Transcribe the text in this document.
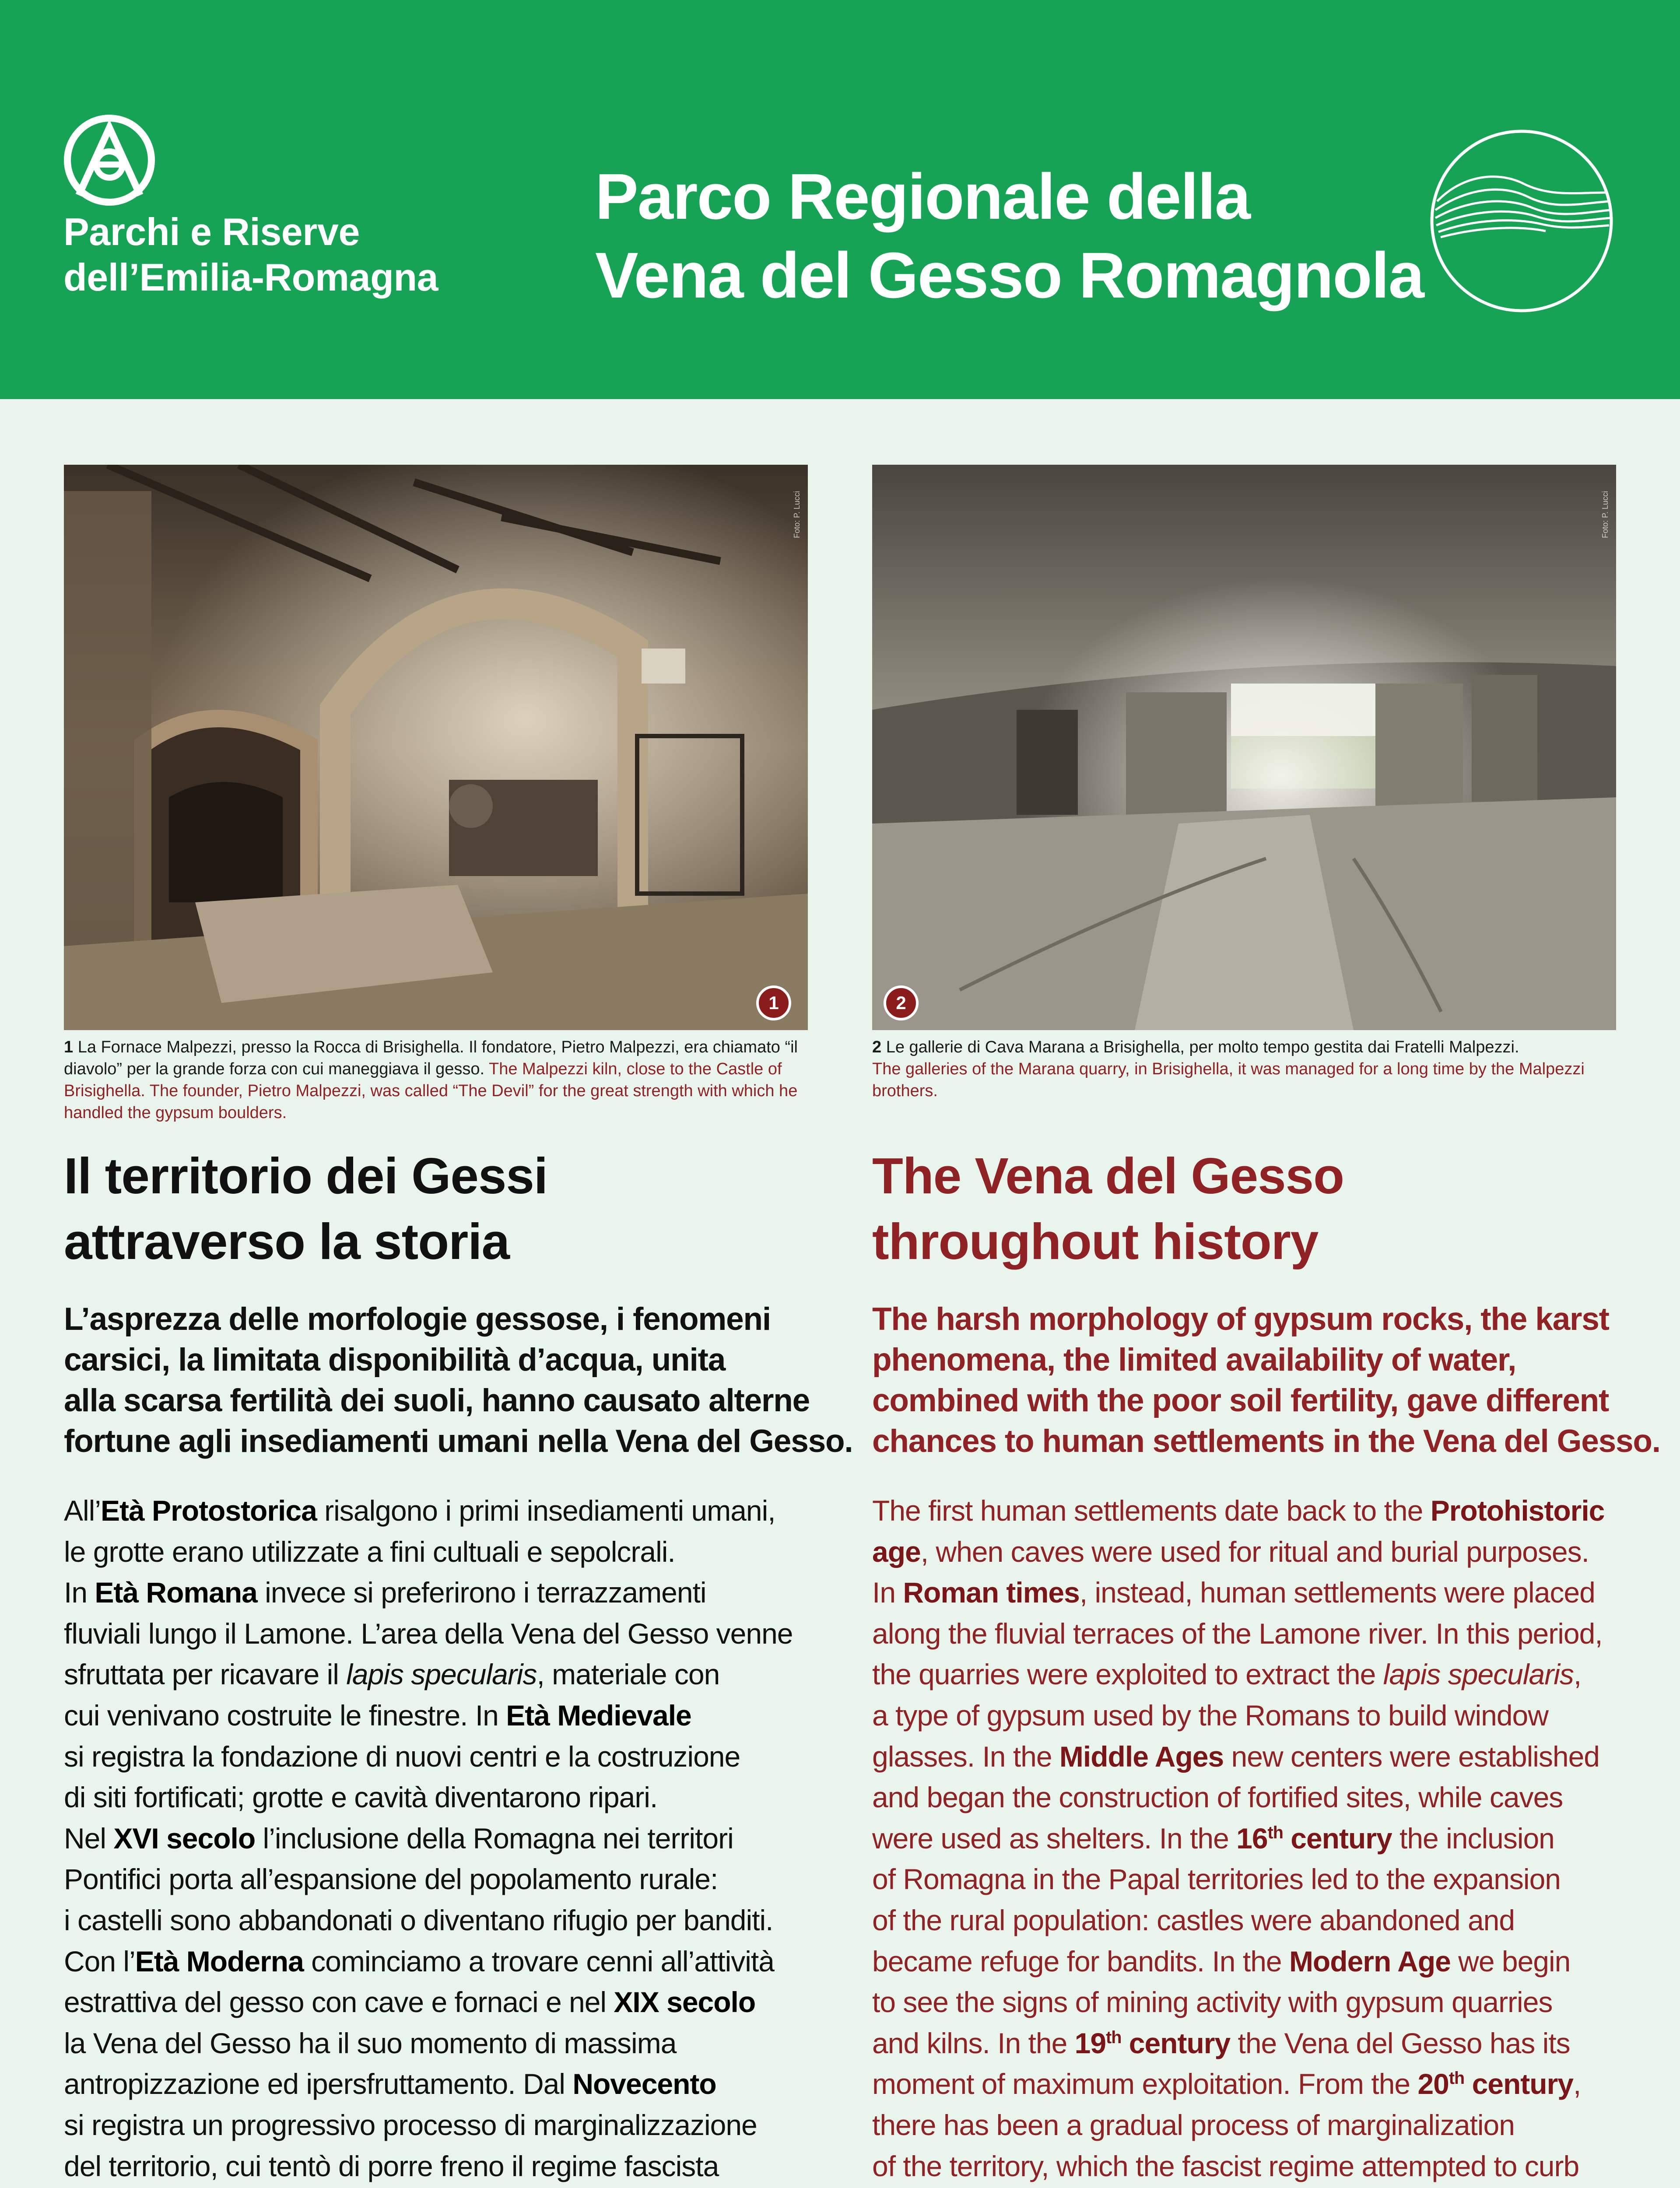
Parchi e Riserve
dell’Emilia-Romagna
Parco Regionale della
Vena del Gesso Romagnola
Foto: P. Lucci
1
Foto: P. Lucci
2
1 La Fornace Malpezzi, presso la Rocca di Brisighella. Il fondatore, Pietro Malpezzi, era chiamato “il diavolo” per la grande forza con cui maneggiava il gesso. The Malpezzi kiln, close to the Castle of Brisighella. The founder, Pietro Malpezzi, was called “The Devil” for the great strength with which he handled the gypsum boulders.
2 Le gallerie di Cava Marana a Brisighella, per molto tempo gestita dai Fratelli Malpezzi.
The galleries of the Marana quarry, in Brisighella, it was managed for a long time by the Malpezzi brothers.
Il territorio dei Gessi
attraverso la storia
The Vena del Gesso
throughout history
L’asprezza delle morfologie gessose, i fenomeni
carsici, la limitata disponibilità d’acqua, unita
alla scarsa fertilità dei suoli, hanno causato alterne
fortune agli insediamenti umani nella Vena del Gesso.
The harsh morphology of gypsum rocks, the karst
phenomena, the limited availability of water,
combined with the poor soil fertility, gave different
chances to human settlements in the Vena del Gesso.
All’Età Protostorica risalgono i primi insediamenti umani,
le grotte erano utilizzate a fini cultuali e sepolcrali.
In Età Romana invece si preferirono i terrazzamenti
fluviali lungo il Lamone. L’area della Vena del Gesso venne
sfruttata per ricavare il lapis specularis, materiale con
cui venivano costruite le finestre. In Età Medievale
si registra la fondazione di nuovi centri e la costruzione
di siti fortificati; grotte e cavità diventarono ripari.
Nel XVI secolo l’inclusione della Romagna nei territori
Pontifici porta all’espansione del popolamento rurale:
i castelli sono abbandonati o diventano rifugio per banditi.
Con l’Età Moderna cominciamo a trovare cenni all’attività
estrattiva del gesso con cave e fornaci e nel XIX secolo
la Vena del Gesso ha il suo momento di massima
antropizzazione ed ipersfruttamento. Dal Novecento
si registra un progressivo processo di marginalizzazione
del territorio, cui tentò di porre freno il regime fascista
The first human settlements date back to the Protohistoric
age, when caves were used for ritual and burial purposes.
In Roman times, instead, human settlements were placed
along the fluvial terraces of the Lamone river. In this period,
the quarries were exploited to extract the lapis specularis,
a type of gypsum used by the Romans to build window
glasses. In the Middle Ages new centers were established
and began the construction of fortified sites, while caves
were used as shelters. In the 16th century the inclusion
of Romagna in the Papal territories led to the expansion
of the rural population: castles were abandoned and
became refuge for bandits. In the Modern Age we begin
to see the signs of mining activity with gypsum quarries
and kilns. In the 19th century the Vena del Gesso has its
moment of maximum exploitation. From the 20th century,
there has been a gradual process of marginalization
of the territory, which the fascist regime attempted to curb
